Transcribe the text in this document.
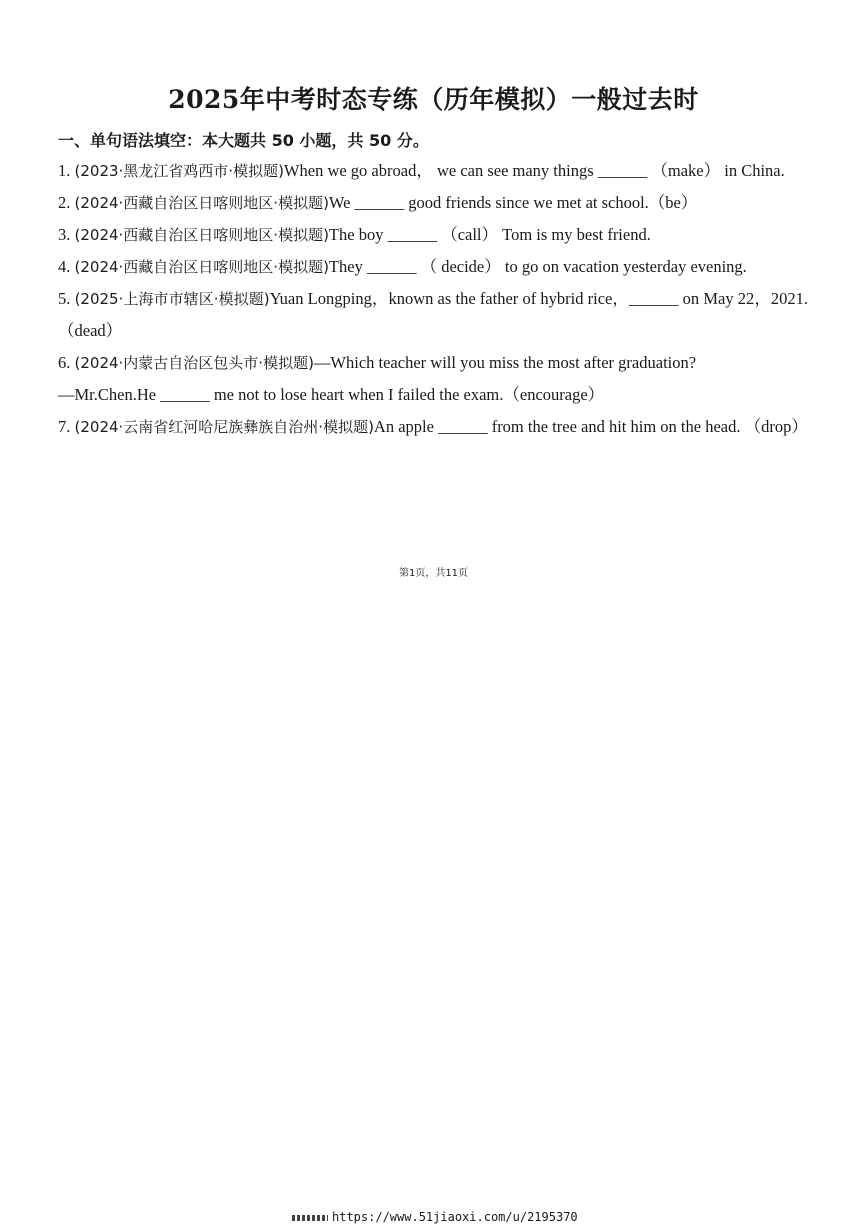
2025年中考时态专练（历年模拟）一般过去时
一、单句语法填空：本大题共 50 小题，共 50 分。

1. (2023·黑龙江省鸡西市·模拟题)When we go abroad， we can see many things ______ （make） in China.

2. (2024·西藏自治区日喀则地区·模拟题)We ______ good friends since we met at school.（be）

3. (2024·西藏自治区日喀则地区·模拟题)The boy ______ （call） Tom is my best friend.

4. (2024·西藏自治区日喀则地区·模拟题)They ______ （ decide） to go on vacation yesterday evening.

5. (2025·上海市市辖区·模拟题)Yuan Longping，known as the father of hybrid rice，______ on May 22，2021.（dead）

6. (2024·内蒙古自治区包头市·模拟题)—Which teacher will you miss the most after graduation?
—Mr.Chen.He ______ me not to lose heart when I failed the exam.（encourage）

7. (2024·云南省红河哈尼族彝族自治州·模拟题)An apple ______ from the tree and hit him on the head. （drop）

第1页，共11页
https://www.51jiaoxi.com/u/2195370
